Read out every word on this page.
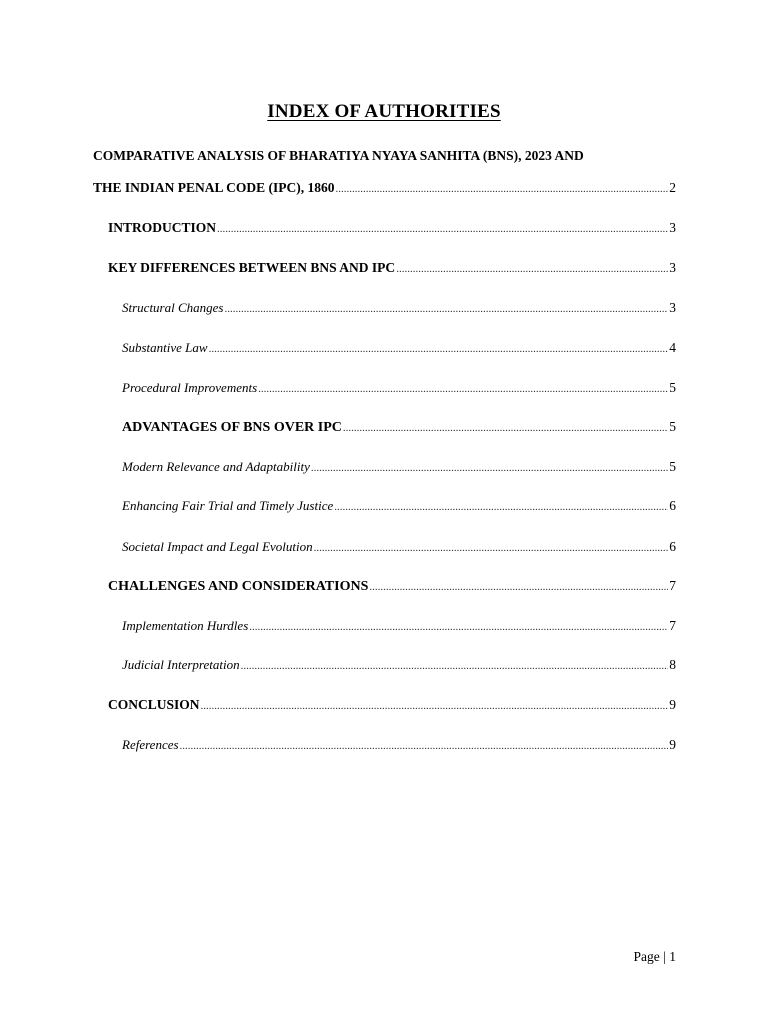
INDEX OF AUTHORITIES
COMPARATIVE ANALYSIS OF BHARATIYA NYAYA SANHITA (BNS), 2023 AND
THE INDIAN PENAL CODE (IPC), 1860 .....	2
INTRODUCTION .....	3
KEY DIFFERENCES BETWEEN BNS AND IPC .....	3
Structural Changes .....	3
Substantive Law .....	4
Procedural Improvements .....	5
ADVANTAGES OF BNS OVER IPC .....	5
Modern Relevance and Adaptability .....	5
Enhancing Fair Trial and Timely Justice .....	6
Societal Impact and Legal Evolution .....	6
CHALLENGES AND CONSIDERATIONS .....	7
Implementation Hurdles .....	7
Judicial Interpretation .....	8
CONCLUSION .....	9
References .....	9
Page | 1
